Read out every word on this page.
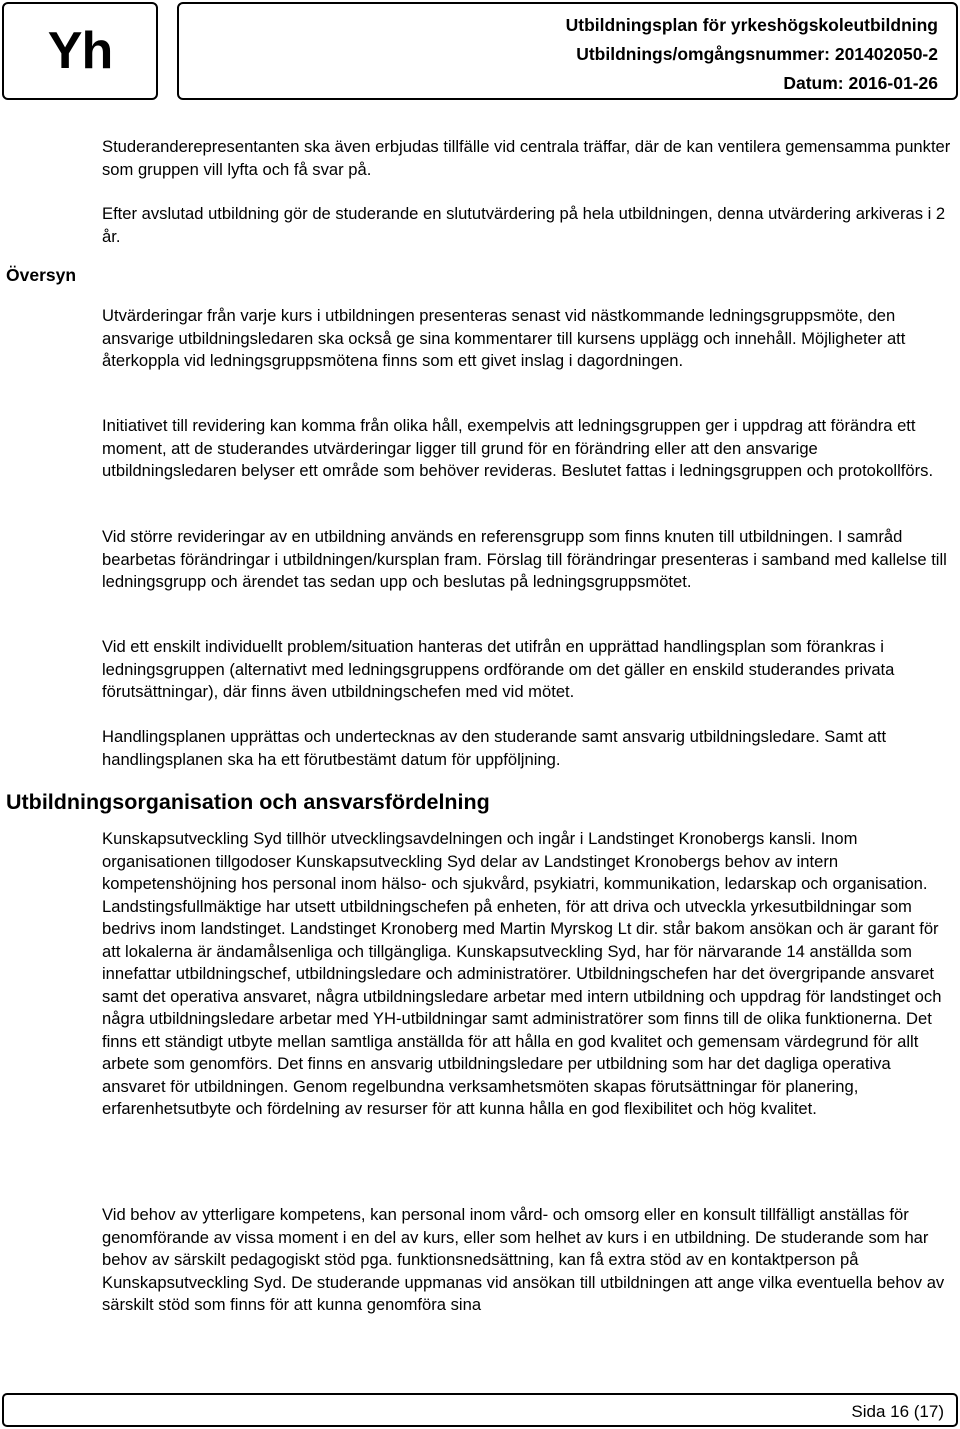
Yh	Utbildningsplan för yrkeshögskoleutbildning
Utbildnings/omgångsnummer: 201402050-2
Datum: 2016-01-26
Översyn

Studeranderepresentanten ska även erbjudas tillfälle vid centrala träffar, där de kan ventilera gemensamma punkter som gruppen vill lyfta och få svar på.

Efter avslutad utbildning gör de studerande en slututvärdering på hela utbildningen, denna utvärdering arkiveras i 2 år.

Utvärderingar från varje kurs i utbildningen presenteras senast vid nästkommande ledningsgruppsmöte, den ansvarige utbildningsledaren ska också ge sina kommentarer till kursens upplägg och innehåll. Möjligheter att återkoppla vid ledningsgruppsmötena finns som ett givet inslag i dagordningen.

Initiativet till revidering kan komma från olika håll, exempelvis att ledningsgruppen ger i uppdrag att förändra ett moment, att de studerandes utvärderingar ligger till grund för en förändring eller att den ansvarige utbildningsledaren belyser ett område som behöver revideras. Beslutet fattas i ledningsgruppen och protokollförs.

Vid större revideringar av en utbildning används en referensgrupp som finns knuten till utbildningen. I samråd bearbetas förändringar i utbildningen/kursplan fram. Förslag till förändringar presenteras i samband med kallelse till ledningsgrupp och ärendet tas sedan upp och beslutas på ledningsgruppsmötet.

Vid ett enskilt individuellt problem/situation hanteras det utifrån en upprättad handlingsplan som förankras i ledningsgruppen (alternativt med ledningsgruppens ordförande om det gäller en enskild studerandes privata förutsättningar), där finns även utbildningschefen med vid mötet.

Handlingsplanen upprättas och undertecknas av den studerande samt ansvarig utbildningsledare. Samt att handlingsplanen ska ha ett förutbestämt datum för uppföljning.

Utbildningsorganisation och ansvarsfördelning

Kunskapsutveckling Syd tillhör utvecklingsavdelningen och ingår i Landstinget Kronobergs kansli. Inom organisationen tillgodoser Kunskapsutveckling Syd delar av Landstinget Kronobergs behov av intern kompetenshöjning hos personal inom hälso- och sjukvård, psykiatri, kommunikation, ledarskap och organisation. Landstingsfullmäktige har utsett utbildningschefen på enheten, för att driva och utveckla yrkesutbildningar som bedrivs inom landstinget. Landstinget Kronoberg med Martin Myrskog Lt dir. står bakom ansökan och är garant för att lokalerna är ändamålsenliga och tillgängliga. Kunskapsutveckling Syd, har för närvarande 14 anställda som innefattar utbildningschef, utbildningsledare och administratörer. Utbildningschefen har det övergripande ansvaret samt det operativa ansvaret, några utbildningsledare arbetar med intern utbildning och uppdrag för landstinget och några utbildningsledare arbetar med YH-utbildningar samt administratörer som finns till de olika funktionerna. Det finns ett ständigt utbyte mellan samtliga anställda för att hålla en god kvalitet och gemensam värdegrund för allt arbete som genomförs. Det finns en ansvarig utbildningsledare per utbildning som har det dagliga operativa ansvaret för utbildningen. Genom regelbundna verksamhetsmöten skapas förutsättningar för planering, erfarenhetsutbyte och fördelning av resurser för att kunna hålla en god flexibilitet och hög kvalitet.

Vid behov av ytterligare kompetens, kan personal inom vård- och omsorg eller en konsult tillfälligt anställas för genomförande av vissa moment i en del av kurs, eller som helhet av kurs i en utbildning. De studerande som har behov av särskilt pedagogiskt stöd pga. funktionsnedsättning, kan få extra stöd av en kontaktperson på Kunskapsutveckling Syd. De studerande uppmanas vid ansökan till utbildningen att ange vilka eventuella behov av särskilt stöd som finns för att kunna genomföra sina

Sida 16 (17)
